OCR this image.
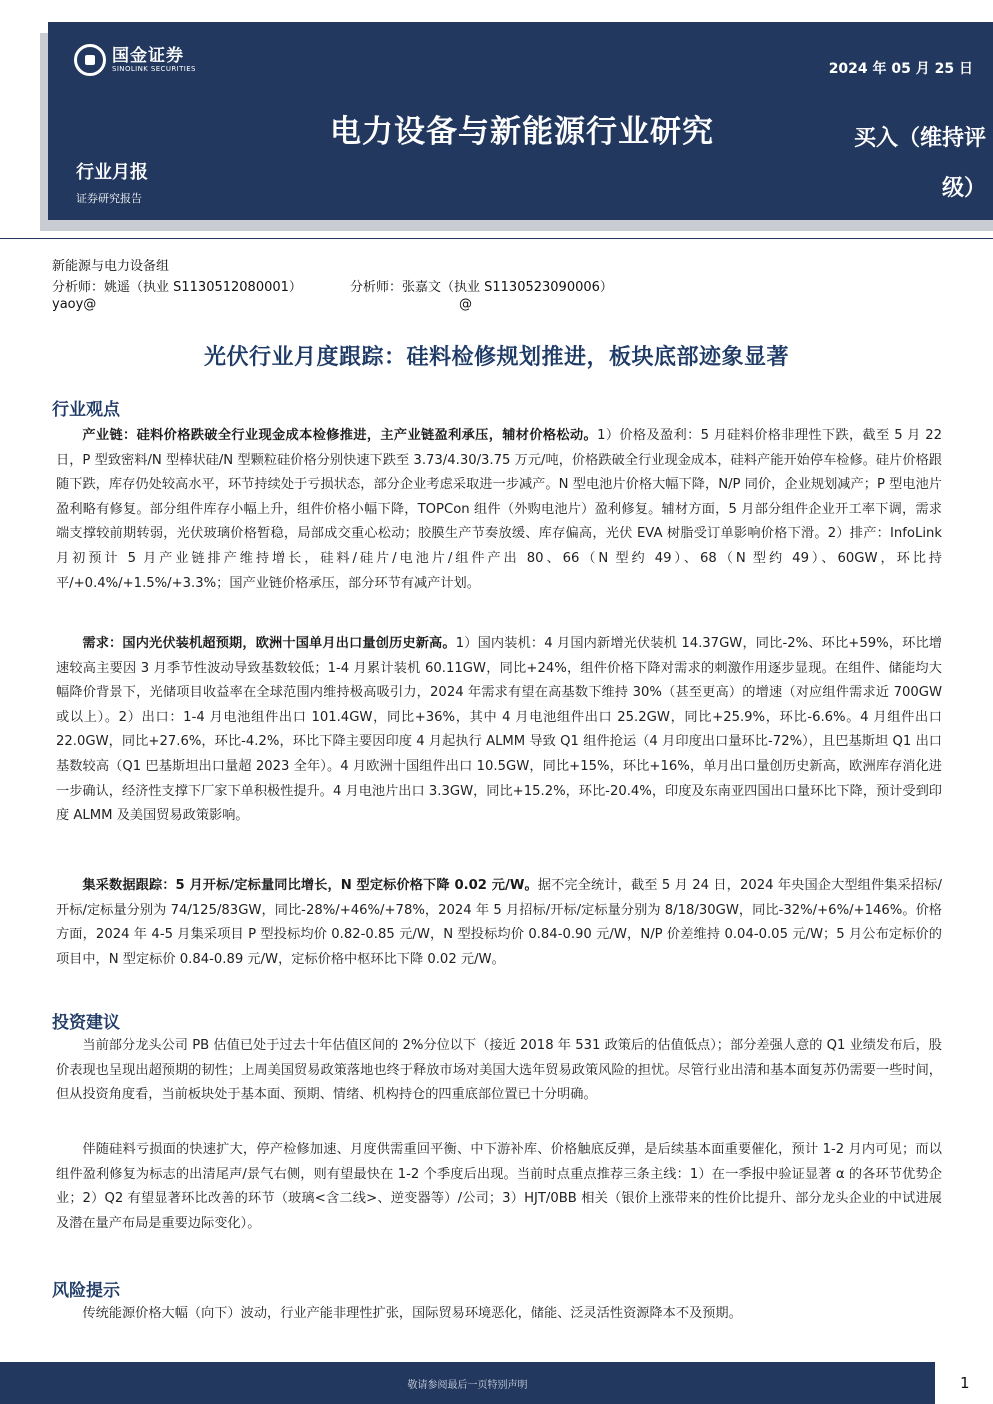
国金证券
SINOLINK SECURITIES	2024 年 05 月 25 日
电力设备与新能源行业研究	买入（维持评
级）
行业月报
证券研究报告
新能源与电力设备组
分析师：姚遥（执业 S1130512080001）	分析师：张嘉文（执业 S1130523090006）
yaoy@	@
光伏行业月度跟踪：硅料检修规划推进，板块底部迹象显著
行业观点
产业链：硅料价格跌破全行业现金成本检修推进，主产业链盈利承压，辅材价格松动。1）价格及盈利：5 月硅料价格非理性下跌，截至 5 月 22 日，P 型致密料/N 型棒状硅/N 型颗粒硅价格分别快速下跌至 3.73/4.30/3.75 万元/吨，价格跌破全行业现金成本，硅料产能开始停车检修。硅片价格跟随下跌，库存仍处较高水平，环节持续处于亏损状态，部分企业考虑采取进一步减产。N 型电池片价格大幅下降，N/P 同价，企业规划减产；P 型电池片盈利略有修复。部分组件库存小幅上升，组件价格小幅下降，TOPCon 组件（外购电池片）盈利修复。辅材方面，5 月部分组件企业开工率下调，需求端支撑较前期转弱，光伏玻璃价格暂稳，局部成交重心松动；胶膜生产节奏放缓、库存偏高，光伏 EVA 树脂受订单影响价格下滑。2）排产：InfoLink 月初预计 5 月产业链排产维持增长，硅料/硅片/电池片/组件产出 80、66（N 型约 49）、68（N 型约 49）、60GW，环比持平/+0.4%/+1.5%/+3.3%；国产业链价格承压，部分环节有减产计划。
需求：国内光伏装机超预期，欧洲十国单月出口量创历史新高。1）国内装机：4 月国内新增光伏装机 14.37GW，同比-2%、环比+59%，环比增速较高主要因 3 月季节性波动导致基数较低；1-4 月累计装机 60.11GW，同比+24%，组件价格下降对需求的刺激作用逐步显现。在组件、储能均大幅降价背景下，光储项目收益率在全球范围内维持极高吸引力，2024 年需求有望在高基数下维持 30%（甚至更高）的增速（对应组件需求近 700GW 或以上）。2）出口：1-4 月电池组件出口 101.4GW，同比+36%，其中 4 月电池组件出口 25.2GW，同比+25.9%，环比-6.6%。4 月组件出口 22.0GW，同比+27.6%，环比-4.2%，环比下降主要因印度 4 月起执行 ALMM 导致 Q1 组件抢运（4 月印度出口量环比-72%），且巴基斯坦 Q1 出口基数较高（Q1 巴基斯坦出口量超 2023 全年）。4 月欧洲十国组件出口 10.5GW，同比+15%，环比+16%，单月出口量创历史新高，欧洲库存消化进一步确认，经济性支撑下厂家下单积极性提升。4 月电池片出口 3.3GW，同比+15.2%，环比-20.4%，印度及东南亚四国出口量环比下降，预计受到印度 ALMM 及美国贸易政策影响。
集采数据跟踪：5 月开标/定标量同比增长，N 型定标价格下降 0.02 元/W。据不完全统计，截至 5 月 24 日，2024 年央国企大型组件集采招标/开标/定标量分别为 74/125/83GW，同比-28%/+46%/+78%，2024 年 5 月招标/开标/定标量分别为 8/18/30GW，同比-32%/+6%/+146%。价格方面，2024 年 4-5 月集采项目 P 型投标均价 0.82-0.85 元/W，N 型投标均价 0.84-0.90 元/W，N/P 价差维持 0.04-0.05 元/W；5 月公布定标价的项目中，N 型定标价 0.84-0.89 元/W，定标价格中枢环比下降 0.02 元/W。
投资建议
当前部分龙头公司 PB 估值已处于过去十年估值区间的 2%分位以下（接近 2018 年 531 政策后的估值低点）；部分差强人意的 Q1 业绩发布后，股价表现也呈现出超预期的韧性；上周美国贸易政策落地也终于释放市场对美国大选年贸易政策风险的担忧。尽管行业出清和基本面复苏仍需要一些时间，但从投资角度看，当前板块处于基本面、预期、情绪、机构持仓的四重底部位置已十分明确。
伴随硅料亏损面的快速扩大，停产检修加速、月度供需重回平衡、中下游补库、价格触底反弹，是后续基本面重要催化，预计 1-2 月内可见；而以组件盈利修复为标志的出清尾声/景气右侧，则有望最快在 1-2 个季度后出现。当前时点重点推荐三条主线：1）在一季报中验证显著 α 的各环节优势企业；2）Q2 有望显著环比改善的环节（玻璃<含二线>、逆变器等）/公司；3）HJT/0BB 相关（银价上涨带来的性价比提升、部分龙头企业的中试进展及潜在量产布局是重要边际变化）。
风险提示
传统能源价格大幅（向下）波动，行业产能非理性扩张，国际贸易环境恶化，储能、泛灵活性资源降本不及预期。
敬请参阅最后一页特别声明	1
